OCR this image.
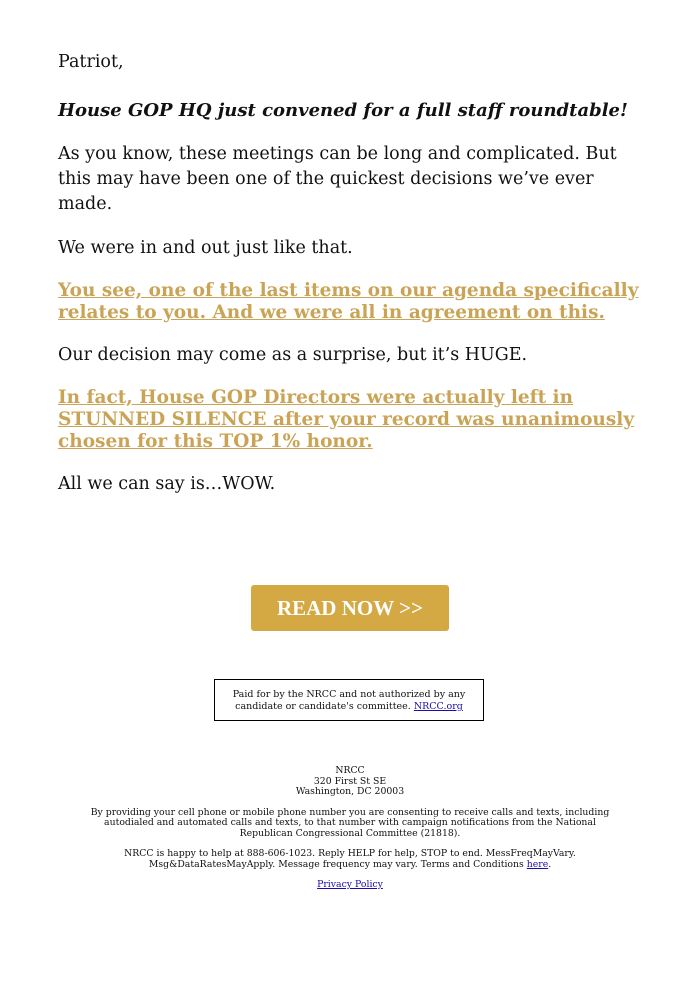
Patriot,

House GOP HQ just convened for a full staff roundtable!

As you know, these meetings can be long and complicated. But this may have been one of the quickest decisions we’ve ever made.

We were in and out just like that.

You see, one of the last items on our agenda specifically relates to you. And we were all in agreement on this.

Our decision may come as a surprise, but it’s HUGE.

In fact, House GOP Directors were actually left in STUNNED SILENCE after your record was unanimously chosen for this TOP 1% honor.

All we can say is…WOW.

READ NOW >>
Paid for by the NRCC and not authorized by any candidate or candidate's committee. NRCC.org
NRCC
320 First St SE
Washington, DC 20003
By providing your cell phone or mobile phone number you are consenting to receive calls and texts, including autodialed and automated calls and texts, to that number with campaign notifications from the National Republican Congressional Committee (21818).
NRCC is happy to help at 888-606-1023. Reply HELP for help, STOP to end. MessFreqMayVary. Msg&DataRatesMayApply. Message frequency may vary. Terms and Conditions here.
Privacy Policy
